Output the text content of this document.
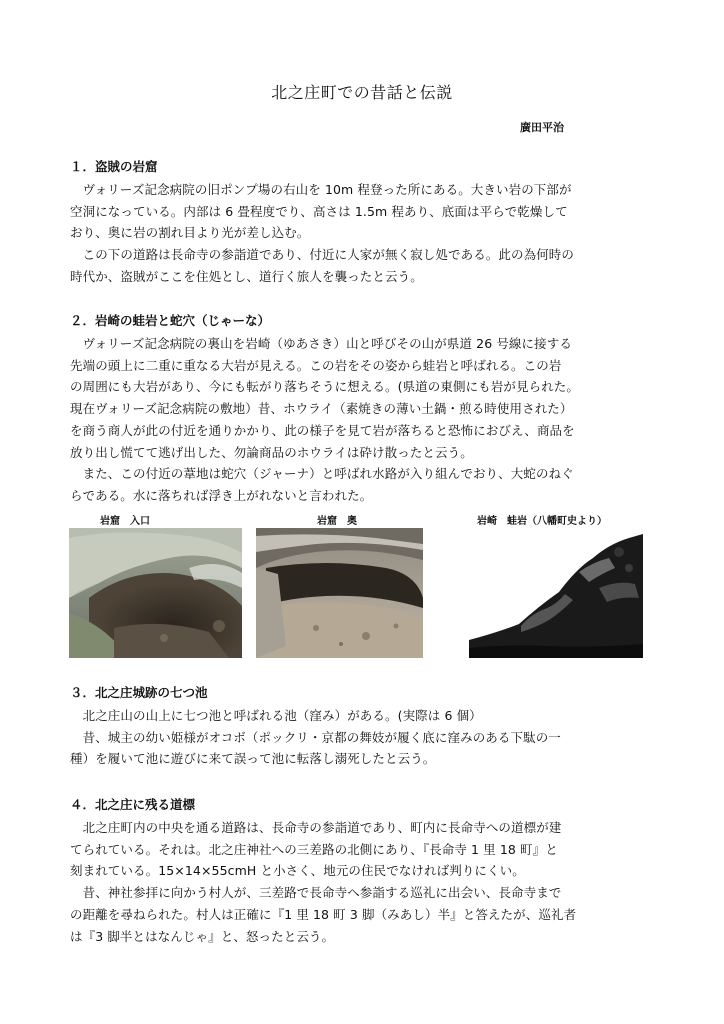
北之庄町での昔話と伝説

廣田平治

１．盗賊の岩窟

　ヴォリーズ記念病院の旧ポンプ場の右山を 10m 程登った所にある。大きい岩の下部が
空洞になっている。内部は 6 畳程度でり、高さは 1.5m 程あり、底面は平らで乾燥して
おり、奥に岩の割れ目より光が差し込む。
　この下の道路は長命寺の参詣道であり、付近に人家が無く寂し処である。此の為何時の
時代か、盗賊がここを住処とし、道行く旅人を襲ったと云う。

２．岩崎の蛙岩と蛇穴（じゃーな）

　ヴォリーズ記念病院の裏山を岩崎（ゆあさき）山と呼びその山が県道 26 号線に接する
先端の頭上に二重に重なる大岩が見える。この岩をその姿から蛙岩と呼ばれる。この岩
の周囲にも大岩があり、今にも転がり落ちそうに想える。(県道の東側にも岩が見られた。
現在ヴォリーズ記念病院の敷地）昔、ホウライ（素焼きの薄い土鍋・煎る時使用された）
を商う商人が此の付近を通りかかり、此の様子を見て岩が落ちると恐怖におびえ、商品を
放り出し慌てて逃げ出した、勿論商品のホウライは砕け散ったと云う。
　また、この付近の葦地は蛇穴（ジャーナ）と呼ばれ水路が入り組んでおり、大蛇のねぐ
らである。水に落ちれば浮き上がれないと言われた。

岩窟　入口	岩窟　奥	岩崎　蛙岩（八幡町史より）

３．北之庄城跡の七つ池

　北之庄山の山上に七つ池と呼ばれる池（窪み）がある。(実際は 6 個）
　昔、城主の幼い姫様がオコボ（ポックリ・京都の舞妓が履く底に窪みのある下駄の一
種）を履いて池に遊びに来て誤って池に転落し溺死したと云う。

４．北之庄に残る道標

　北之庄町内の中央を通る道路は、長命寺の参詣道であり、町内に長命寺への道標が建
てられている。それは。北之庄神社への三差路の北側にあり、『長命寺 1 里 18 町』と
刻まれている。15×14×55cmH と小さく、地元の住民でなければ判りにくい。
　昔、神社参拝に向かう村人が、三差路で長命寺へ参詣する巡礼に出会い、長命寺まで
の距離を尋ねられた。村人は正確に『1 里 18 町 3 脚（みあし）半』と答えたが、巡礼者
は『3 脚半とはなんじゃ』と、怒ったと云う。
